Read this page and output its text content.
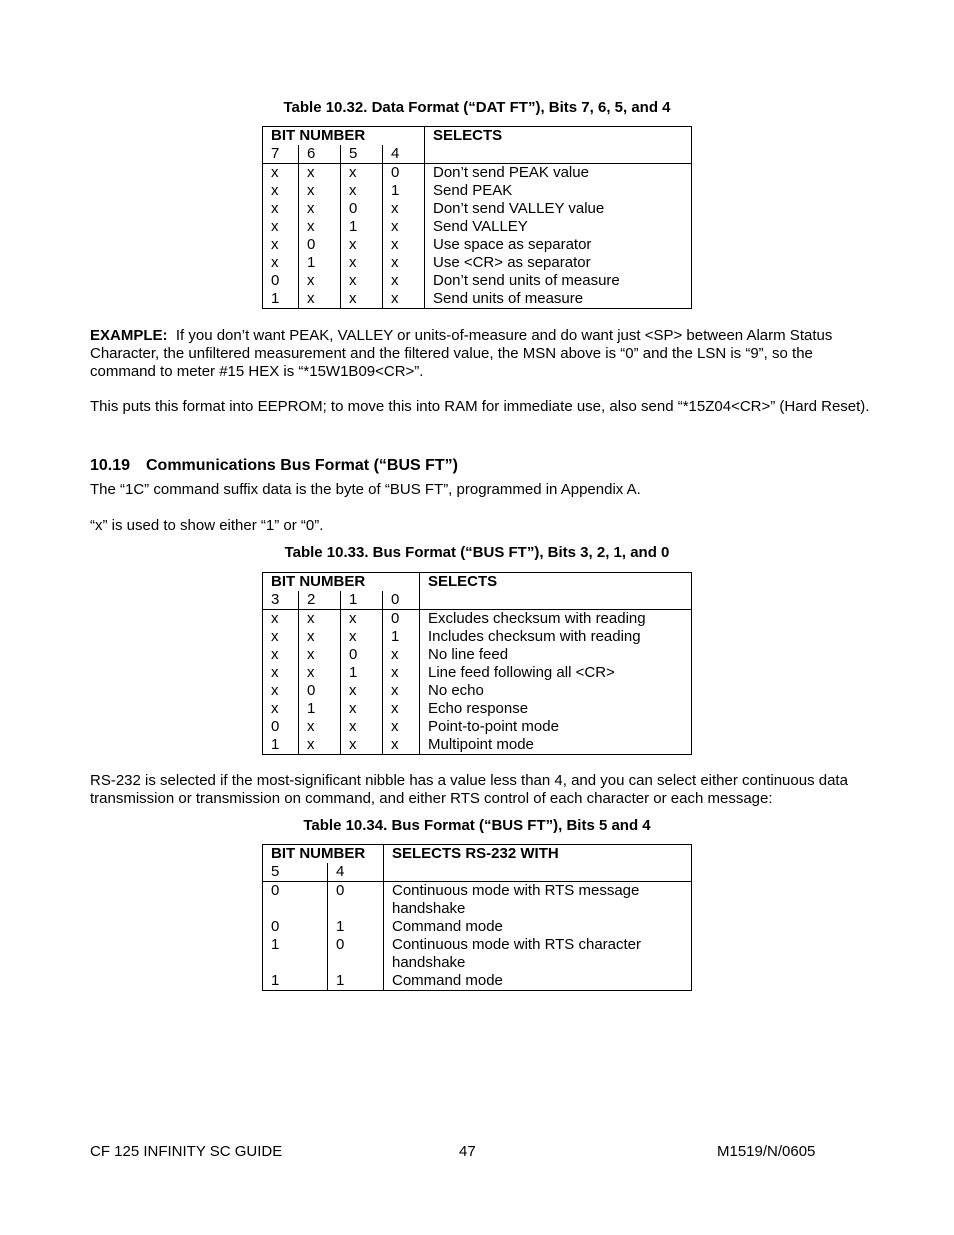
Table 10.32. Data Format (“DAT FT”), Bits 7, 6, 5, and 4
BIT NUMBER				SELECTS
7	6	5	4	
x	x	x	0	Don’t send PEAK value
x	x	x	1	Send PEAK
x	x	0	x	Don’t send VALLEY value
x	x	1	x	Send VALLEY
x	0	x	x	Use space as separator
x	1	x	x	Use <CR> as separator
0	x	x	x	Don’t send units of measure
1	x	x	x	Send units of measure
EXAMPLE: If you don’t want PEAK, VALLEY or units-of-measure and do want just <SP> between Alarm Status Character, the unfiltered measurement and the filtered value, the MSN above is “0” and the LSN is “9”, so the command to meter #15 HEX is “*15W1B09<CR>”.
This puts this format into EEPROM; to move this into RAM for immediate use, also send “*15Z04<CR>” (Hard Reset).
10.19 Communications Bus Format (“BUS FT”)
The “1C” command suffix data is the byte of “BUS FT”, programmed in Appendix A.
“x” is used to show either “1” or “0”.
Table 10.33. Bus Format (“BUS FT”), Bits 3, 2, 1, and 0
BIT NUMBER				SELECTS
3	2	1	0	
x	x	x	0	Excludes checksum with reading
x	x	x	1	Includes checksum with reading
x	x	0	x	No line feed
x	x	1	x	Line feed following all <CR>
x	0	x	x	No echo
x	1	x	x	Echo response
0	x	x	x	Point-to-point mode
1	x	x	x	Multipoint mode
RS-232 is selected if the most-significant nibble has a value less than 4, and you can select either continuous data transmission or transmission on command, and either RTS control of each character or each message:
Table 10.34. Bus Format (“BUS FT”), Bits 5 and 4
BIT NUMBER		SELECTS RS-232 WITH
5	4	
0	0	Continuous mode with RTS message handshake
0	1	Command mode
1	0	Continuous mode with RTS character handshake
1	1	Command mode
CF 125 INFINITY SC GUIDE	47	M1519/N/0605
